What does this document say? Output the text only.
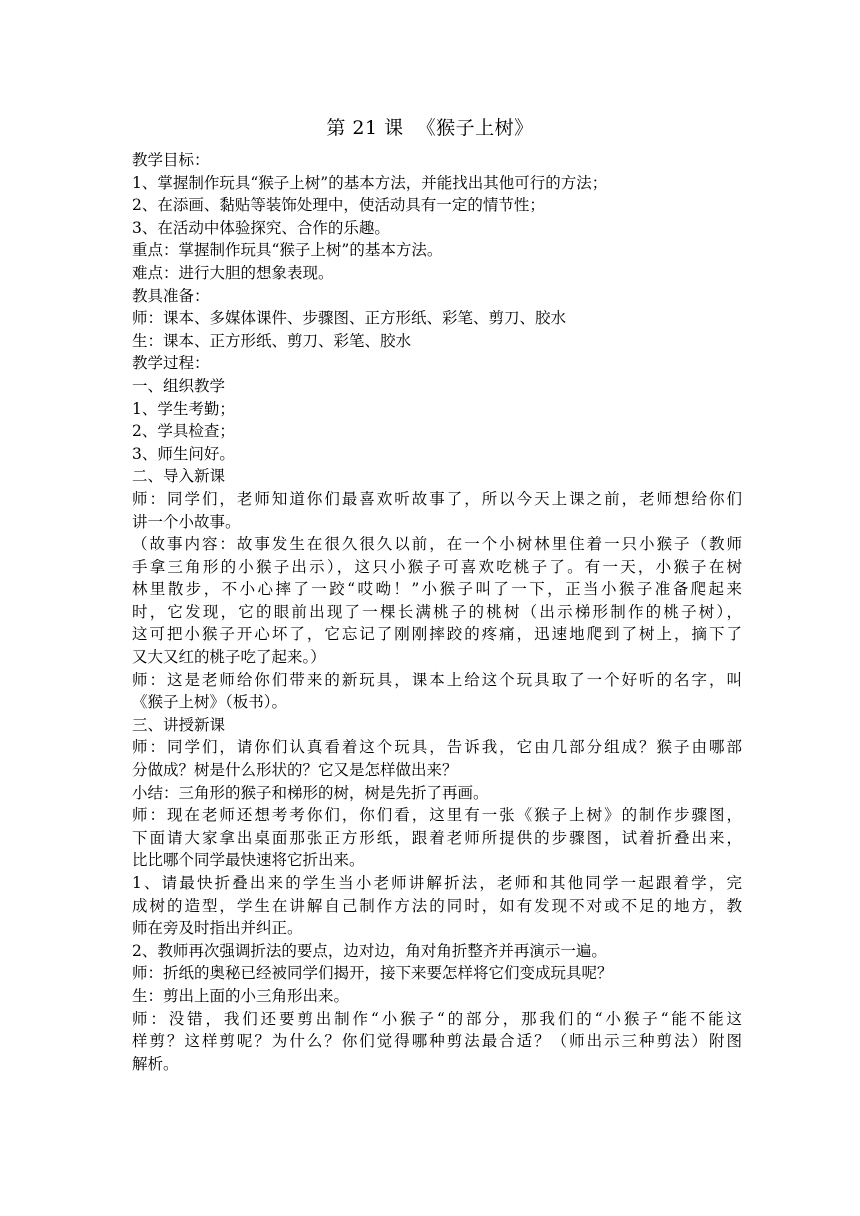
第 21 课  《猴子上树》
教学目标：
1、掌握制作玩具“猴子上树”的基本方法，并能找出其他可行的方法；
2、在添画、黏贴等装饰处理中，使活动具有一定的情节性；
3、在活动中体验探究、合作的乐趣。
重点：掌握制作玩具“猴子上树”的基本方法。
难点：进行大胆的想象表现。
教具准备：
师：课本、多媒体课件、步骤图、正方形纸、彩笔、剪刀、胶水
生：课本、正方形纸、剪刀、彩笔、胶水
教学过程：
一、组织教学
1、学生考勤；
2、学具检查；
3、师生问好。
二、导入新课
师：同学们，老师知道你们最喜欢听故事了，所以今天上课之前，老师想给你们
讲一个小故事。
（故事内容：故事发生在很久很久以前，在一个小树林里住着一只小猴子（教师
手拿三角形的小猴子出示），这只小猴子可喜欢吃桃子了。有一天，小猴子在树
林里散步，不小心摔了一跤“哎呦！”小猴子叫了一下，正当小猴子准备爬起来
时，它发现，它的眼前出现了一棵长满桃子的桃树（出示梯形制作的桃子树），
这可把小猴子开心坏了，它忘记了刚刚摔跤的疼痛，迅速地爬到了树上，摘下了
又大又红的桃子吃了起来。）
师：这是老师给你们带来的新玩具，课本上给这个玩具取了一个好听的名字，叫
《猴子上树》（板书）。
三、讲授新课
师：同学们，请你们认真看着这个玩具，告诉我，它由几部分组成？猴子由哪部
分做成？树是什么形状的？它又是怎样做出来？
小结：三角形的猴子和梯形的树，树是先折了再画。
师：现在老师还想考考你们，你们看，这里有一张《猴子上树》的制作步骤图，
下面请大家拿出桌面那张正方形纸，跟着老师所提供的步骤图，试着折叠出来，
比比哪个同学最快速将它折出来。
1、请最快折叠出来的学生当小老师讲解折法，老师和其他同学一起跟着学，完
成树的造型，学生在讲解自己制作方法的同时，如有发现不对或不足的地方，教
师在旁及时指出并纠正。
2、教师再次强调折法的要点，边对边，角对角折整齐并再演示一遍。
师：折纸的奥秘已经被同学们揭开，接下来要怎样将它们变成玩具呢？
生：剪出上面的小三角形出来。
师：没错，我们还要剪出制作“小猴子“的部分，那我们的“小猴子“能不能这
样剪？这样剪呢？为什么？你们觉得哪种剪法最合适？（师出示三种剪法）附图
解析。
